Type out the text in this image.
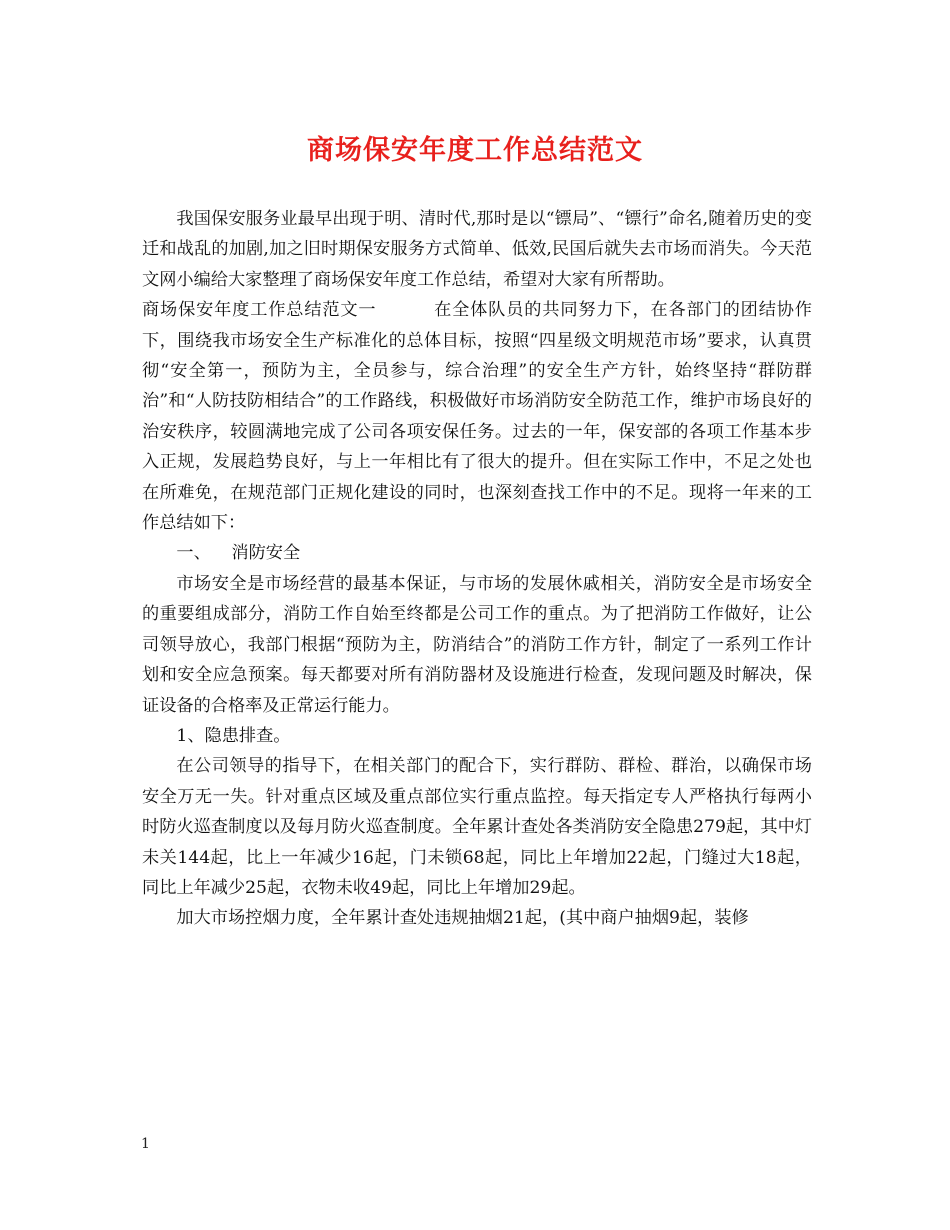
商场保安年度工作总结范文

我国保安服务业最早出现于明、清时代,那时是以“镖局”、“镖行”命名,随着历史的变迁和战乱的加剧,加之旧时期保安服务方式简单、低效,民国后就失去市场而消失。今天范文网小编给大家整理了商场保安年度工作总结，希望对大家有所帮助。

商场保安年度工作总结范文一	在全体队员的共同努力下，在各部门的团结协作下，围绕我市场安全生产标准化的总体目标，按照“四星级文明规范市场”要求，认真贯彻“安全第一，预防为主，全员参与，综合治理”的安全生产方针，始终坚持“群防群治”和“人防技防相结合”的工作路线，积极做好市场消防安全防范工作，维护市场良好的治安秩序，较圆满地完成了公司各项安保任务。过去的一年，保安部的各项工作基本步入正规，发展趋势良好，与上一年相比有了很大的提升。但在实际工作中，不足之处也在所难免，在规范部门正规化建设的同时，也深刻查找工作中的不足。现将一年来的工作总结如下：

一、 消防安全

市场安全是市场经营的最基本保证，与市场的发展休戚相关，消防安全是市场安全的重要组成部分，消防工作自始至终都是公司工作的重点。为了把消防工作做好，让公司领导放心，我部门根据“预防为主，防消结合”的消防工作方针，制定了一系列工作计划和安全应急预案。每天都要对所有消防器材及设施进行检查，发现问题及时解决，保证设备的合格率及正常运行能力。

1、隐患排查。

在公司领导的指导下，在相关部门的配合下，实行群防、群检、群治，以确保市场安全万无一失。针对重点区域及重点部位实行重点监控。每天指定专人严格执行每两小时防火巡查制度以及每月防火巡查制度。全年累计查处各类消防安全隐患279起，其中灯未关144起，比上一年减少16起，门未锁68起，同比上年增加22起，门缝过大18起，同比上年减少25起，衣物未收49起，同比上年增加29起。

加大市场控烟力度，全年累计查处违规抽烟21起，(其中商户抽烟9起，装修

1
